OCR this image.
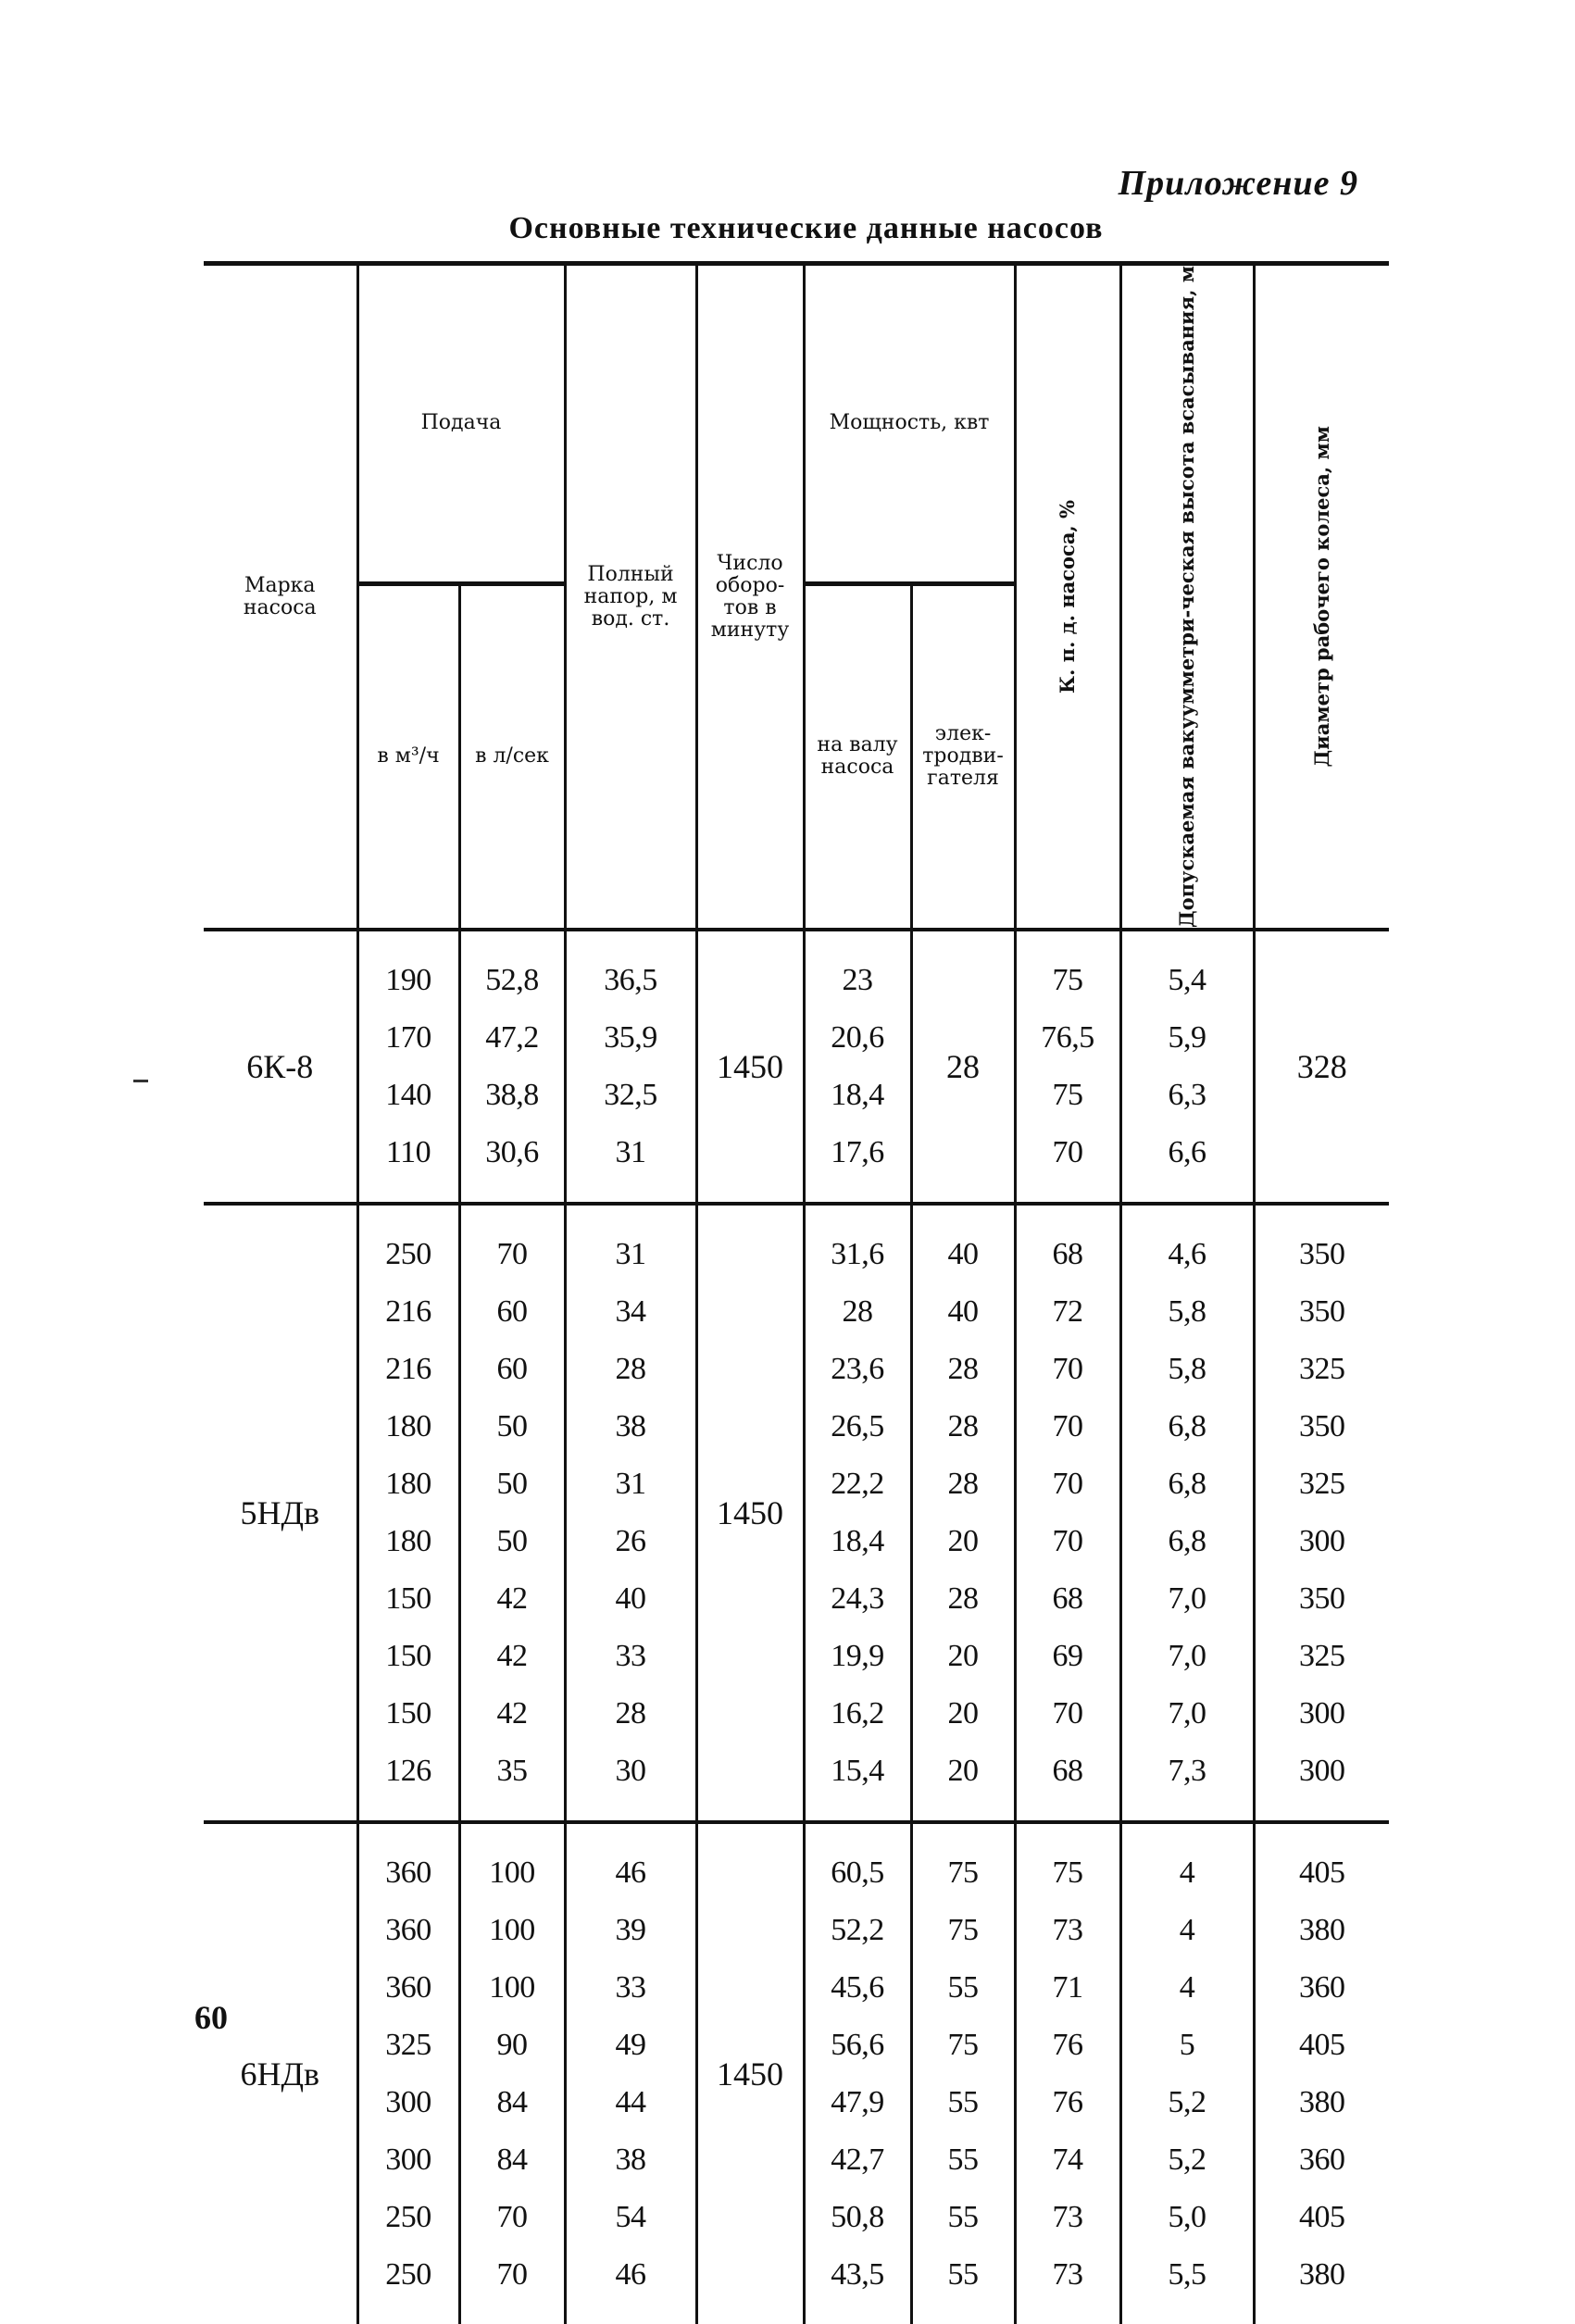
Приложение 9
Основные технические данные насосов
Марка насоса	Подача		Полный напор, м вод. ст.	Число оборо-тов в минуту	Мощность, квт		К. п. д. насоса, %	Допускаемая вакуумметри-ческая высота всасывания, м	Диаметр рабочего колеса, мм

	в м³/ч	в л/сек			на валу насоса	элек-тродви-гателя			
6К-8				1450		28			328
	190	52,8	36,5		23		75	5,4	
	170	47,2	35,9		20,6		76,5	5,9	
	140	38,8	32,5		18,4		75	6,3	
	110	30,6	31		17,6		70	6,6	

5НДв				1450					
	250	70	31		31,6	40	68	4,6	350
	216	60	34		28	40	72	5,8	350
	216	60	28		23,6	28	70	5,8	325
	180	50	38		26,5	28	70	6,8	350
	180	50	31		22,2	28	70	6,8	325
	180	50	26		18,4	20	70	6,8	300
	150	42	40		24,3	28	68	7,0	350
	150	42	33		19,9	20	69	7,0	325
	150	42	28		16,2	20	70	7,0	300
	126	35	30		15,4	20	68	7,3	300

6НДв				1450					
	360	100	46		60,5	75	75	4	405
	360	100	39		52,2	75	73	4	380
	360	100	33		45,6	55	71	4	360
	325	90	49		56,6	75	76	5	405
	300	84	44		47,9	55	76	5,2	380
	300	84	38		42,7	55	74	5,2	360
	250	70	54		50,8	55	73	5,0	405
	250	70	46		43,5	55	73	5,5	380

60
